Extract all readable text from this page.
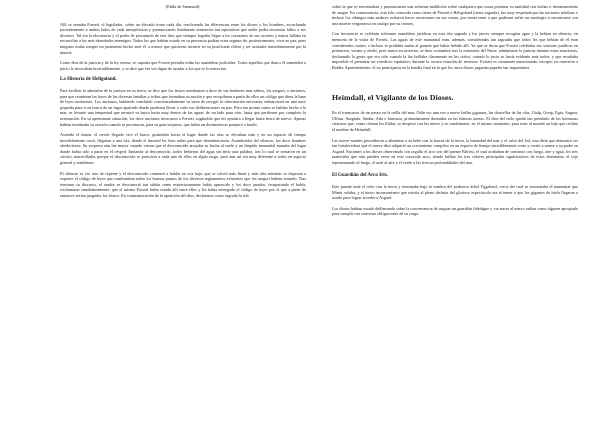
(Edda de Sæmund).

Allí se sentaba Forseti, el legislador, sobre un elevado trono cada día, resolviendo las diferencias entre los dioses y los hombres, escuchando pacientemente a ambos lados de cada interpelación y pronunciando finalmente sentencias tan equitativas que nadie podía encontrar fallos a sus decretos. Tal era la elocuencia y el poder de persuasión de este dios que siempre lograba llegar a los corazones de sus oyentes y nunca fallaba en reconciliar a los más denodados enemigos. Todos los que habían estado en su presencia podían estar seguros de, posteriormente, vivir en paz, pues ninguno osaba romper un juramento hecho ante él, a menos que quisieran incurrir en su justificada cólera y ser azotados inmediatamente por la muerte.

Como dios de la justicia y de la ley eterna, se suponía que Forseti presidía todas las asambleas judiciales. Todos aquellos que iban a él sometidos a juicio lo invocaban invariablemente, y se dice que era ver digno de ayudar a los que se lo merecían.

La Historia de Heligoland.

Para facilitar la admisión de la justicia en su tierra, se dice que los frisios nombraron a doce de sus hombres más sabios, los asegori, o ancianos, para que reunieran las leyes de las diversas familias y tribus que formaban su nación y que recopilaran a partir de ellos un código que diera la base de leyes uniformes. Los ancianos, habiendo concluido concienzudamente su tarea de recoger la información necesaria, embarcaron en una nave pequeña para ir en busca de un lugar apartado donde pudieran llevar a cabo sus deliberaciones en paz. Pero tan pronto como se habían hecho a la mar, se levantó una tempestad que arrastró su barco hasta muy dentro de las aguas, de un lado para otro, hasta que perdieron por completo la orientación. En su apremiante situación, los doce ancianos invocaron a Forseti, rogándole que les ayudara a llegar hasta tierra de nuevo. Apenas habían terminado su oración cuando se percataron, para su gran sorpresa, que había un decimotercer pasajero a bordo.

Asiendo el timón, el recién llegado viró el barco, guiándolo hacia el lugar donde las olas se elevaban más y en un espacio de tiempo increíblemente corto, llegaron a una isla, donde el timonel les hizo señas para que desembarcasen. Asombrados del silencio, los doce hombres obedecieron. Su sorpresa aún fue mayor cuando vieron que el desconocido arrojaba su hacha al suelo y un límpido manantial manaba del lugar donde había sido a parar en el césped. Imitando al desconocido, todos bebieron del agua sin decir una palabra, tras lo cual se sentaron en un círculo, maravillados porque el desconocido se pareciera a cada uno de ellos en algún rasgo, pero aun así era muy diferente a todos en aspecto general y semblante.

El silencio se vio roto de repente y el desconocido comenzó a hablar en voz baja, que se volvió más firme y más alta mientras se disponía a exponer el código de leyes que combinaban todos los buenos puntos de los diversos reglamentos existentes que los asegori habían reunido. Tras terminar su discurso, el orador se desvaneció tan súbita como misteriosamente había aparecido y los doce jurados, recuperando el habla, exclamaron simultáneamente, que el mismo Forseti había estado allí entre ellos y les había entregado el código de leyes por el que a partir de entonces serían juzgados los frisios. En conmemoración de la aparición del dios, declararon como sagrada la isla

sobre la que se encontraban y pronunciaron una solemne maldición sobre cualquiera que osara profanar su santidad con luchas o derramamiento de sangre. En consecuencia, esta isla, conocida como tierra de Forseti o Heligoland (tierra sagrada), fue muy respetada por las naciones nórdicas e incluso los vikingos más audaces evitaron hacer incursiones en sus costas, por temer tener a que pudieran sufrir un naufragio o encontrarse con una muerte vergonzosa en castigo por su crimen.

Con frecuencia se celebran solemnes asambleas jurídicas en esta isla sagrada y los jueces siempre recogían agua y la bebían en silencio, en memoria de la visita de Forseti. Las aguas de este manantial eran, además, consideradas tan sagradas que todos los que bebían de él eran considerados santos, e incluso se prohibía matar al ganado que había bebido allí. Ya que se decía que Forseti celebraba sus sesiones jurídicas en primavera, verano y otoño, pero nunca en invierno, se hizo costumbre tras la extensión del Norte, administrar la justicia durante estas estaciones, declarando la gente que era sólo cuando la luz brillaba claramente en los cielos, cuando lo justo se hacía evidente ante todos, y que resultaba imposible el presentar un veredicto equitativo durante la oscura estación de invierno. Forseti es raramente mencionado, excepto en conexión a Balder. Aparentemente, él no participaría en la batalla final en la que los otros dioses jugarían papeles tan importantes.

Heimdall, el Vigilante de los Dioses.

En el transcurso de un paseo en la orilla del mar, Odín vio una vez a nueve bellas gigantas, las doncellas de las olas, Gialp, Greip, Egia, Augeia, Ulfrun, Aurgiafa, Sindur, Atla e Iarnsaxa, profundamente dormidas en las blancas arenas. El dios del cielo quedó tan prendado de las hermosas criaturas que, como relatan los Eddas, se desposó con las nueve y se combinaron, en el mismo momento, para traer al mundo un hijo que recibió el nombre de Heimdall.

Las nueve madres procedieron a alimentar a su bebé con la fuerza de la tierra, la humedad del mar y el calor del Sol, una dieta que demostró ser tan fortalecedora que el nuevo dios adquirió un crecimiento completo en un espacio de tiempo increíblemente corto y corrió a unirse a su padre en Asgard. Encontró a los dioses observando con orgullo el arco iris del puente Bifröst, el cual acababan de construir con fuego, aire y agua, los tres materiales que aún pueden verse en este conocido arco, donde brillan los tres colores principales significativos de estos elementos: el rojo representando al fuego, el azul al aire y el verde a las frescas profundidades del mar.

El Guardián del Arco Iris.

Este puente unía el cielo con la tierra y terminaba bajo la sombra del poderoso árbol Yggdrasil, cerca del cual se encontraba el manantial que Mimir velaba, y el único inconveniente que existía al pleno disfrute del glorioso espectáculo era el temer a que los gigantes de hielo llegaran a usarlo para lograr acceder a Asgard.

Los dioses habían estado deliberando sobre la conveniencia de asignar un guardián fidedigno y vio nacer al nuevo radian como alguien apropiado para cumplir con onerosas obligaciones de su cargo.
